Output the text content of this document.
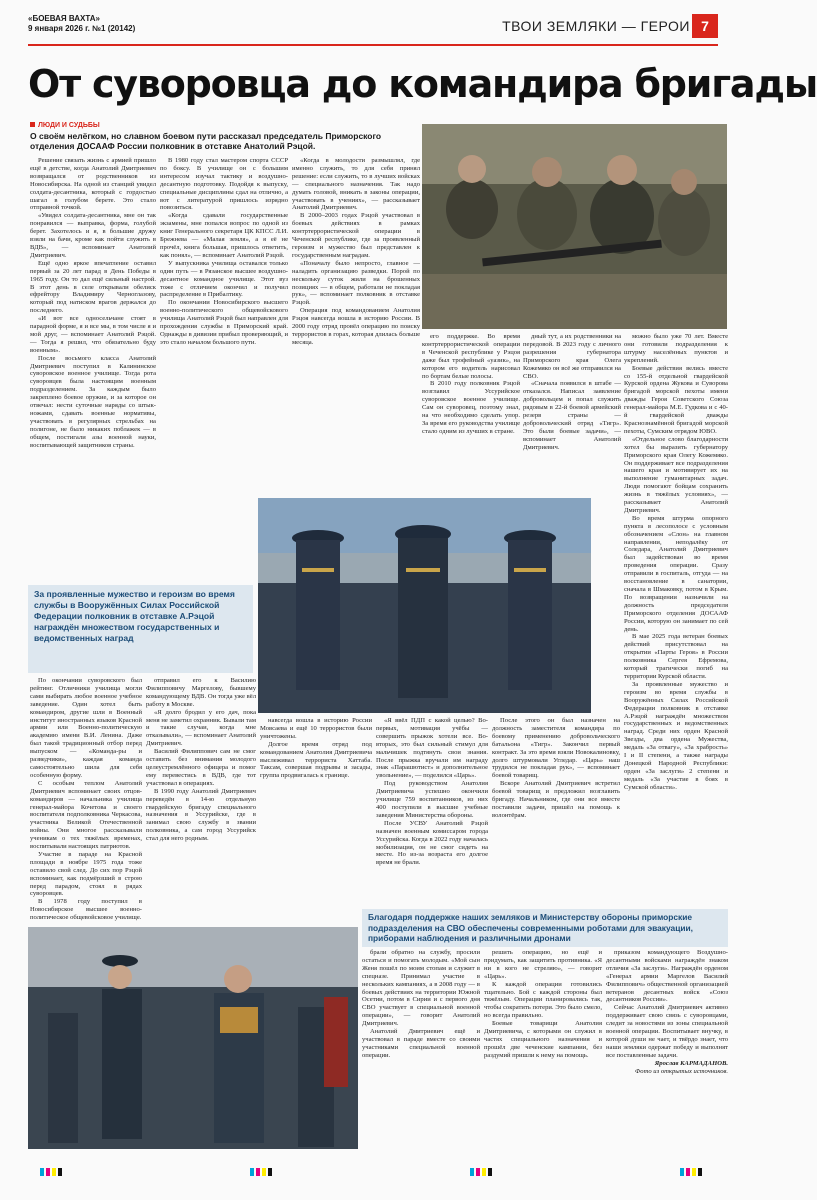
«БОЕВАЯ ВАХТА»
9 января 2026 г. №1 (20142)	ТВОИ ЗЕМЛЯКИ — ГЕРОИ 7
От суворовца до командира бригады
ЛЮДИ И СУДЬБЫ
О своём нелёгком, но славном боевом пути рассказал председатель Приморского отделения ДОСААФ России полковник в отставке Анатолий Рэцой.

Решение связать жизнь с армией пришло ещё в детстве, когда Анатолий Дмитриевич возвращался от родственников из Новосибирска. На одной из станций увидел солдата-десантника, который с гордостью шагал в голубом берете. Это стало отправной точкой.

«Увидел солдата-десантника, мне он так понравился — выправка, форма, голубой берет. Захотелось и я, в большие дружу взяли на бачи, кроме как пойти служить в ВДВ», — вспоминает Анатолий Дмитриевич.

Ещё одно яркое впечатление оставил первый за 20 лет парад в День Победы в 1965 году. Он то дал ещё сильный настрой. В этот день в селе открывали обелиск ефрейтору Владимиру Черноглазову, который под натиском врагов держался до последнего.

«И вот все односельчане стоят в парадной форме, я и все мы, в том числе я и мой друг, — вспоминает Анатолий Рэцой. — Тогда я решил, что обязательно буду военным».

После восьмого класса Анатолий Дмитриевич поступил в Калининское суворовское военное училище. Тогда рота суворовцев была настоящим военным подразделением. За каждым было закреплено боевое оружие, и за которое он отвечал: нести суточные наряды со штык-ножами, сдавать военные нормативы, участвовать в регулярных стрельбах на полигоне, не было никаких поблажек — в общем, постигали азы военной науки, воспитывающей защитников страны.

В 1980 году стал мастером спорта СССР по боксу. В училище он с большим интересом изучал тактику и воздушно-десантную подготовку. Подойдя к выпуску, специальные дисциплины сдал на отлично, а вот с литературой пришлось изрядно повозиться.

«Когда сдавали государственные экзамены, мне попался вопрос по одной из книг Генерального секретаря ЦК КПСС Л.И. Брежнева — «Малая земля», а я её не прочёл, книга большая, пришлось ответить, как понял», — вспоминает Анатолий Рэцой.

У выпускника училища оставался только один путь — в Рязанское высшее воздушно-десантное командное училище. Этот вуз тоже с отличием окончил и получил распределение в Прибалтику.

По окончании Новосибирского высшего военно-политического общевойскового училища Анатолий Рэцой был направлен для прохождения службы в Приморский край. Однажды в дивизии прибыл проверяющий, и это стало началом большого пути.

«Когда в молодости размышлял, где именно служить, то для себя принял решение: если служить, то в лучших войсках — специального назначения. Так надо думать головой, вникать в законы операции, участвовать в учениях», — рассказывает Анатолий Дмитриевич.

В 2000–2003 годах Рэцой участвовал в боевых действиях в рамках контртеррористической операции в Чеченской республике, где за проявленный героизм и мужество был представлен к государственным наградам.

«Поначалу было непросто, главное — наладить организацию разведки. Порой по нескольку суток жили на брошенных позициях — в общем, работали не покладая рук», — вспоминает полковник в отставке Рэцой.

Операция под командованием Анатолия Рэцоя навсегда вошла в историю России. В 2000 году отряд провёл операцию по поиску террористов в горах, которая длилась больше месяца.

его поддержке. Во время контртеррористической операции в Чеченской республике у Рэцоя даже был трофейный «уазик», на котором его водитель нарисовал по бортам белые полосы.

В 2010 году полковник Рэцой возглавил Уссурийское суворовское военное училище. Сам он суворовец, поэтому знал, на что необходимо сделать упор. За время его руководства училище стало одним из лучших в стране.

дный тут, а их родственники на передовой. В 2023 году с личного разрешения губернатора Приморского края Олега Кожемяко он всё же отправился на СВО.

«Сначала появился в штабе — отказался. Написал заявление добровольцем и попал служить рядовым в 22-й боевой армейский резерв страны — добровольческий отряд «Тигр». Это были боевые задачи», — вспоминает Анатолий Дмитриевич.

можно было уже 70 лет. Вместе они готовили подразделения к штурму населённых пунктов и укреплений.

Боевые действия велись вместе со 155-й отдельной гвардейской Курской ордена Жукова и Суворова бригадой морской пехоты имени дважды Героя Советского Союза генерал-майора М.Е. Гудкова и с 40-й гвардейской дважды Краснознамённой бригадой морской пехоты, Сумским отрядом ЮВО.

«Отдельное слово благодарности хотел бы выразить губернатору Приморского края Олегу Кожемяко. Он поддерживает все подразделения нашего края и мотивирует их на выполнение гуманитарных задач. Люди помогают бойцам сохранить жизнь в тяжёлых условиях», — рассказывает Анатолий Дмитриевич.

Во время штурма опорного пункта в лесополосе с условным обозначением «Слон» на главном направлении, неподалёку от Соледара, Анатолий Дмитриевич был задействован во время проведения операции. Сразу отправили в госпиталь, отгуда — на восстановление в санатории, сначала в Шмаковку, потом в Крым. По возвращении назначили на должность председателя Приморского отделения ДОСААФ России, которую он занимает по сей день.

В мае 2025 года ветеран боевых действий присутствовал на открытии «Парты Героя» в России полковника Сергея Ефремова, который трагически погиб на территории Курской области.

За проявленные мужество и героизм во время службы в Вооружённых Силах Российской Федерации полковник в отставке А.Рэцой награждён множеством государственных и ведомственных наград. Среди них орден Красной Звезды, два ордена Мужества, медаль «За отвагу», «За храбрость» I и II степени, а также награды Донецкой Народной Республики: орден «За заслуги» 2 степени и медаль «За участие в боях в Сумской области».

За проявленные мужество и героизм во время службы в Вооружённых Силах Российской Федерации полковник в отставке А.Рэцой награждён множеством государственных и ведомственных наград

По окончании суворовского был рейтинг. Отличники училища могли сами выбирать любое военное учебное заведение. Один хотел быть командиром, другие шли в Военный институт иностранных языков Красной армии или Военно-политическую академию имени В.И. Ленина. Даже был такой традиционный отбор перед выпуском — «Команда-ры и разведчики», каждая команда самостоятельно шила для себя особенную форму.

С особым теплом Анатолий Дмитриевич вспоминает своих отцов-командиров — начальника училища генерал-майора Кочетова и своего воспитателя подполковника Черкасова, участника Великой Отечественной войны. Они многое рассказывали ученикам о тех тяжёлых временах, воспитывали настоящих патриотов.

Участие в параде на Красной площади в ноябре 1975 года тоже оставило свой след. До сих пор Рэцой вспоминает, как подмёрзший в строю перед парадом, стоял в рядах суворовцев.

В 1978 году поступил в Новосибирское высшее военно-политическое общевойсковое училище.

отправил его к Василию Филипповичу Маргелову, бывшему командующему ВДВ. Он тогда уже вёл работу в Москве.

«Я долго бродил у его дач, пока меня не заметил охранник. Бывали там и такие случаи, когда мне отказывали», — вспоминает Анатолий Дмитриевич.

Василий Филиппович сам не смог оставить без внимания молодого целеустремлённого офицера и помог ему перевестись в ВДВ, где тот участвовал в операциях.

В 1990 году Анатолий Дмитриевич переведён в 14-ю отдельную гвардейскую бригаду специального назначения в Уссурийске, где в занимал свою службу в звании полковника, а сам город Уссурийск стал для него родным.

навсегда вошла в историю России Мовсаева и ещё 10 террористов были уничтожены.

Долгое время отряд под командованием Анатолия Дмитриевича выслеживал террориста Хаттаба. Таксам, совершая подрывы и засады, группа продвигалась к границе.

«Я ввёл ПДП с какой целью? Во-первых, мотивация учёбы — совершить прыжок хотели все. Во-вторых, это был сильный стимул для мальчишек подтянуть свои знания. После прыжка вручали им награду знак «Парашютист» и дополнительное увольнение», — поделился «Царь».

Под руководством Анатолия Дмитриевича успешно окончили училище 759 воспитанников, из них 400 поступили в высшие учебные заведения Министерства обороны.

После УСВУ Анатолий Рэцой назначен военным комиссаром города Уссурийска. Когда в 2022 году началась мобилизация, он не смог сидеть на месте. Но из-за возраста его долгое время не брали.

После этого он был назначен на должность заместителя командира по боевому применению добровольческого батальона «Тигр». Закончил первый контракт. За это время взяли Новокалиновку, долго штурмовали Угледар. «Царь» наш трудился не покладая рук», — вспоминает боевой товарищ.

Вскоре Анатолий Дмитриевич встретил боевой товарищ и предложил возглавить бригаду. Начальником, где они все вместе поставили задачи, пришёл на помощь к волонтёрам.

Благодаря поддержке наших земляков и Министерству обороны приморские подразделения на СВО обеспечены современными роботами для эвакуации, приборами наблюдения и различными дронами

брали обратно на службу, просили остаться и помогать молодым. «Мой сын Женя пошёл по моим стопам и служит в спецназе. Принимал участие в нескольких кампаниях, а в 2008 году — в боевых действиях на территории Южной Осетии, потом в Сирии и с первого дня СВО участвует в специальной военной операции», — говорит Анатолий Дмитриевич.

Анатолий Дмитриевич ещё и участвовал в параде вместе со своими участниками специальной военной операции.

решить операцию, но ещё и придумать, как защитить противника. «Я ни в кого не стреляю», — говорит «Царь».

К каждой операции готовились тщательно. Бой с каждой стороны был тяжёлым. Операции планировались так, чтобы сократить потери. Это было смело, но всегда правильно.

Боевые товарищи Анатолия Дмитриевича, с которыми он служил в частях специального назначения и прошёл две чеченские кампании, без раздумий пришли к нему на помощь.

приказом командующего Воздушно-десантными войсками награждён знаком отличия «За заслуги». Награждён орденом «Генерал армии Маргелов Василий Филиппович» общественной организацией ветеранов десантных войск «Союз десантников России».

Сейчас Анатолий Дмитриевич активно поддерживает свою связь с суворовцами, следит за новостями из зоны специальной военной операции. Воспитывает внучку, в которой души не чает, и твёрдо знает, что наши земляки одержат победу и выполнят все поставленные задачи.

Ярослав КАРМАДАНОВ.

Фото из открытых источников.
